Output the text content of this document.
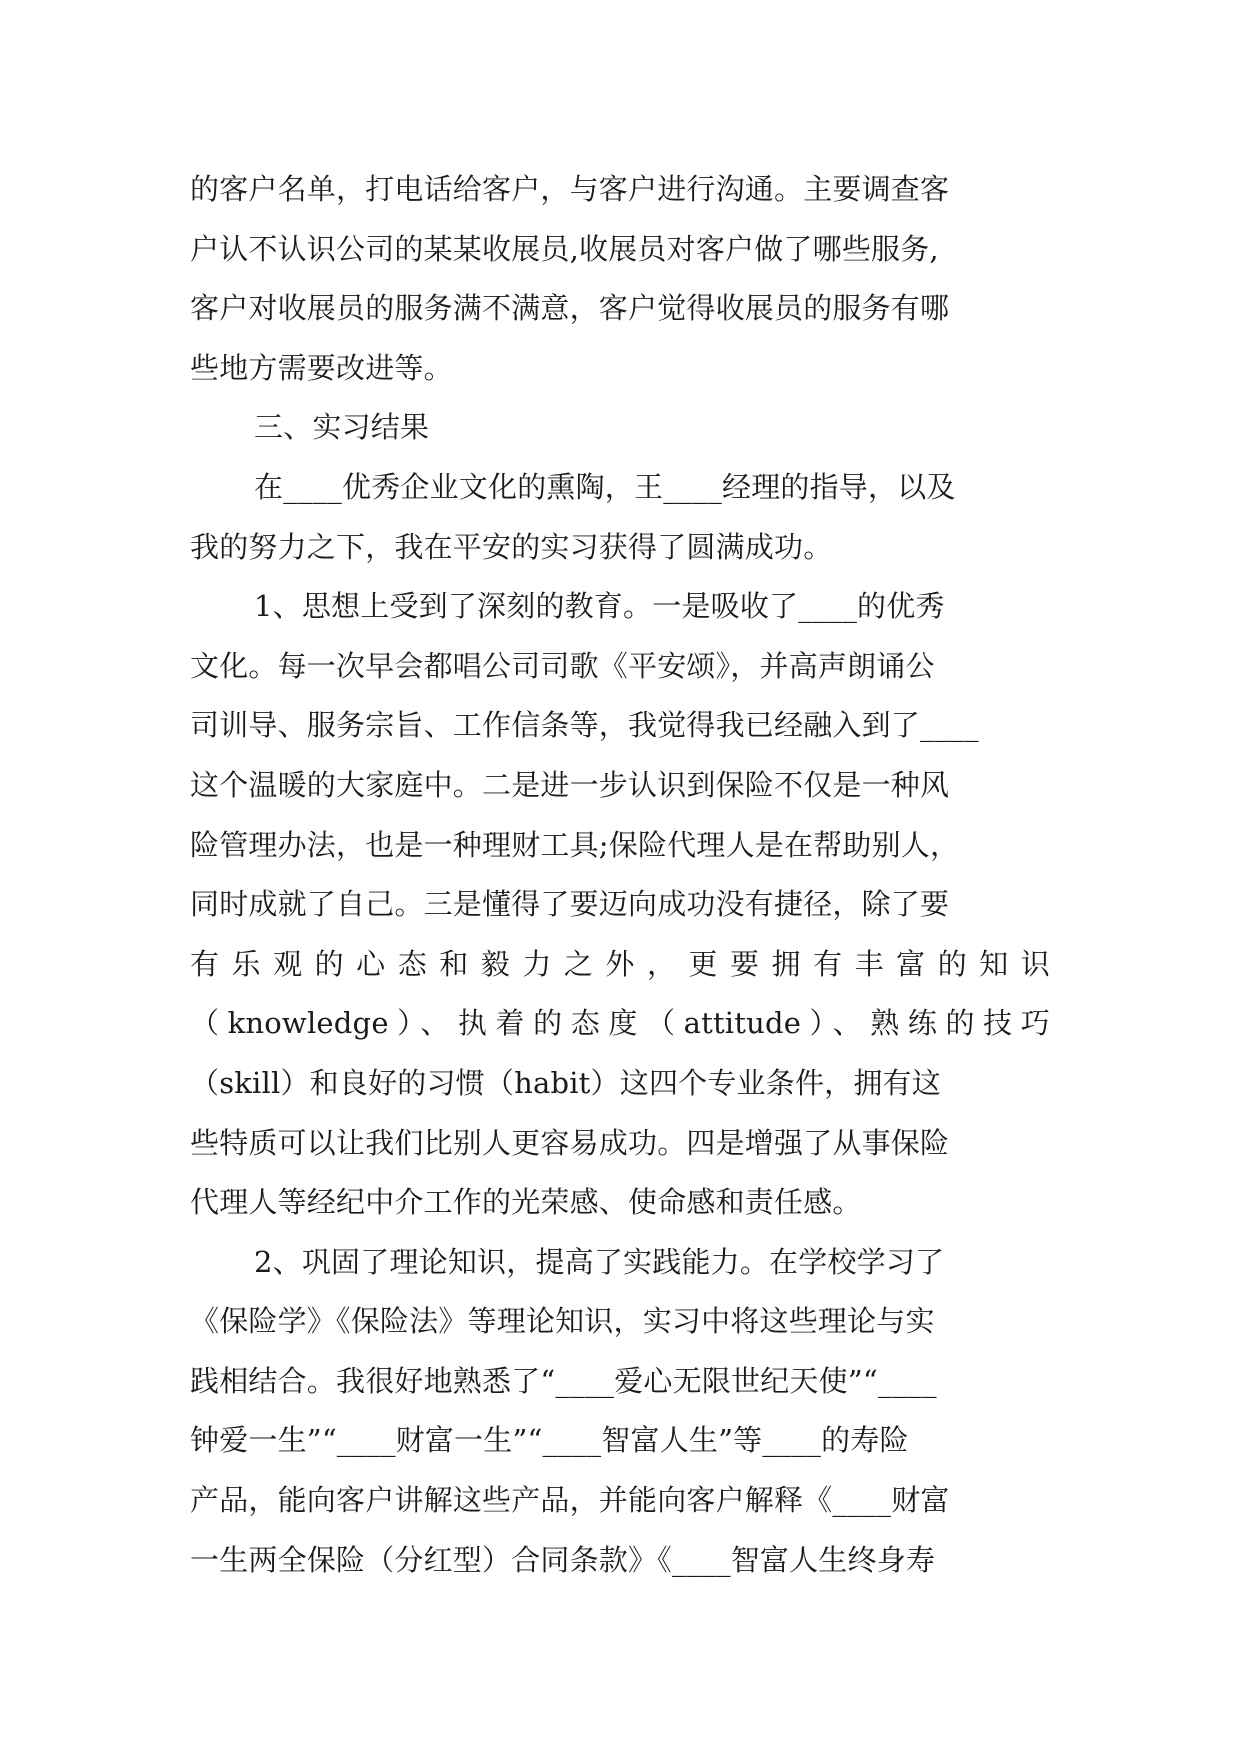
的客户名单，打电话给客户，与客户进行沟通。主要调查客
户认不认识公司的某某收展员,收展员对客户做了哪些服务,
客户对收展员的服务满不满意，客户觉得收展员的服务有哪
些地方需要改进等。
三、实习结果
在____优秀企业文化的熏陶，王____经理的指导，以及
我的努力之下，我在平安的实习获得了圆满成功。
1、思想上受到了深刻的教育。一是吸收了____的优秀
文化。每一次早会都唱公司司歌《平安颂》，并高声朗诵公
司训导、服务宗旨、工作信条等，我觉得我已经融入到了____
这个温暖的大家庭中。二是进一步认识到保险不仅是一种风
险管理办法，也是一种理财工具;保险代理人是在帮助别人，
同时成就了自己。三是懂得了要迈向成功没有捷径，除了要
有乐观的心态和毅力之外，更要拥有丰富的知识
（knowledge）、执着的态度（attitude）、熟练的技巧
（skill）和良好的习惯（habit）这四个专业条件，拥有这
些特质可以让我们比别人更容易成功。四是增强了从事保险
代理人等经纪中介工作的光荣感、使命感和责任感。
2、巩固了理论知识，提高了实践能力。在学校学习了
《保险学》《保险法》等理论知识，实习中将这些理论与实
践相结合。我很好地熟悉了“____爱心无限世纪天使”“____
钟爱一生”“____财富一生”“____智富人生”等____的寿险
产品，能向客户讲解这些产品，并能向客户解释《____财富
一生两全保险（分红型）合同条款》《____智富人生终身寿
